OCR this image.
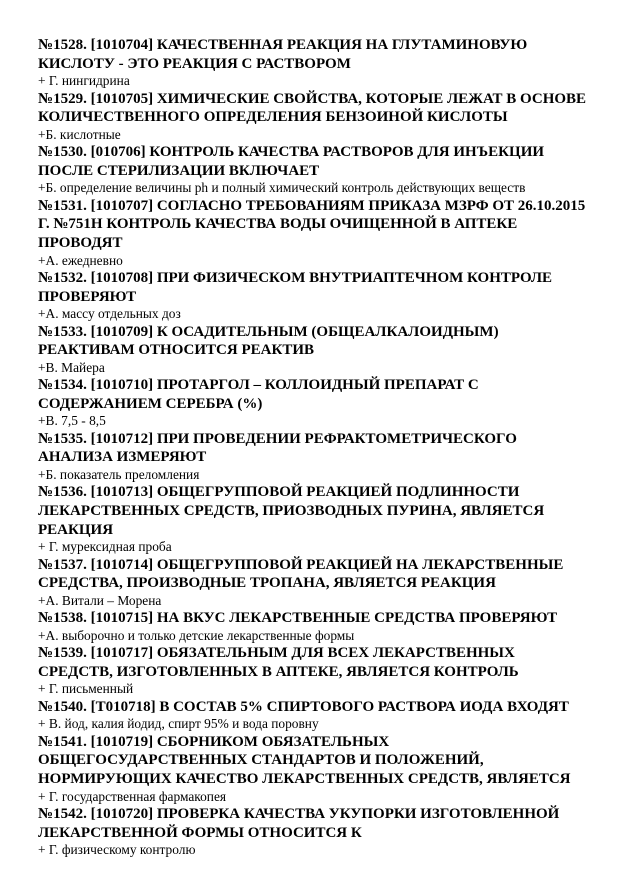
№1528. [1010704] КАЧЕСТВЕННАЯ РЕАКЦИЯ НА ГЛУТАМИНОВУЮ КИСЛОТУ - ЭТО РЕАКЦИЯ С РАСТВОРОМ

+ Г. нингидрина

№1529. [1010705] ХИМИЧЕСКИЕ СВОЙСТВА, КОТОРЫЕ ЛЕЖАТ В ОСНОВЕ КОЛИЧЕСТВЕННОГО ОПРЕДЕЛЕНИЯ БЕНЗОИНОЙ КИСЛОТЫ

+Б. кислотные

№1530. [010706] КОНТРОЛЬ КАЧЕСТВА РАСТВОРОВ ДЛЯ ИНЪЕКЦИИ ПОСЛЕ СТЕРИЛИЗАЦИИ ВКЛЮЧАЕТ

+Б. определение величины ph и полный химический контроль действующих веществ

№1531. [1010707] СОГЛАСНО ТРЕБОВАНИЯМ ПРИКАЗА МЗРФ ОТ 26.10.2015 Г. №751Н КОНТРОЛЬ КАЧЕСТВА ВОДЫ ОЧИЩЕННОЙ В АПТЕКЕ ПРОВОДЯТ

+А. ежедневно

№1532. [1010708] ПРИ ФИЗИЧЕСКОМ ВНУТРИАПТЕЧНОМ КОНТРОЛЕ ПРОВЕРЯЮТ

+А. массу отдельных доз

№1533. [1010709] К ОСАДИТЕЛЬНЫМ (ОБЩЕАЛКАЛОИДНЫМ) РЕАКТИВАМ ОТНОСИТСЯ РЕАКТИВ

+В. Майера

№1534. [1010710] ПРОТАРГОЛ – КОЛЛОИДНЫЙ ПРЕПАРАТ С СОДЕРЖАНИЕМ СЕРЕБРА (%)

+В. 7,5 - 8,5

№1535. [1010712] ПРИ ПРОВЕДЕНИИ РЕФРАКТОМЕТРИЧЕСКОГО АНАЛИЗА ИЗМЕРЯЮТ

+Б. показатель преломления

№1536. [1010713] ОБЩЕГРУППОВОЙ РЕАКЦИЕЙ ПОДЛИННОСТИ ЛЕКАРСТВЕННЫХ СРЕДСТВ, ПРИОЗВОДНЫХ ПУРИНА, ЯВЛЯЕТСЯ РЕАКЦИЯ

+ Г. мурексидная проба

№1537. [1010714] ОБЩЕГРУППОВОЙ РЕАКЦИЕЙ НА ЛЕКАРСТВЕННЫЕ СРЕДСТВА, ПРОИЗВОДНЫЕ ТРОПАНА, ЯВЛЯЕТСЯ РЕАКЦИЯ

+А. Витали – Морена

№1538. [1010715] НА ВКУС ЛЕКАРСТВЕННЫЕ СРЕДСТВА ПРОВЕРЯЮТ

+А. выборочно и только детские лекарственные формы

№1539. [1010717] ОБЯЗАТЕЛЬНЫМ ДЛЯ ВСЕХ ЛЕКАРСТВЕННЫХ СРЕДСТВ, ИЗГОТОВЛЕННЫХ В АПТЕКЕ, ЯВЛЯЕТСЯ КОНТРОЛЬ

+ Г. письменный

№1540. [Т010718] В СОСТАВ 5% СПИРТОВОГО РАСТВОРА ИОДА ВХОДЯТ

+ В. йод, калия йодид, спирт 95% и вода поровну

№1541. [1010719] СБОРНИКОМ ОБЯЗАТЕЛЬНЫХ ОБЩЕГОСУДАРСТВЕННЫХ СТАНДАРТОВ И ПОЛОЖЕНИЙ, НОРМИРУЮЩИХ КАЧЕСТВО ЛЕКАРСТВЕННЫХ СРЕДСТВ, ЯВЛЯЕТСЯ

+ Г. государственная фармакопея

№1542. [1010720] ПРОВЕРКА КАЧЕСТВА УКУПОРКИ ИЗГОТОВЛЕННОЙ ЛЕКАРСТВЕННОЙ ФОРМЫ ОТНОСИТСЯ К

+ Г. физическому контролю
